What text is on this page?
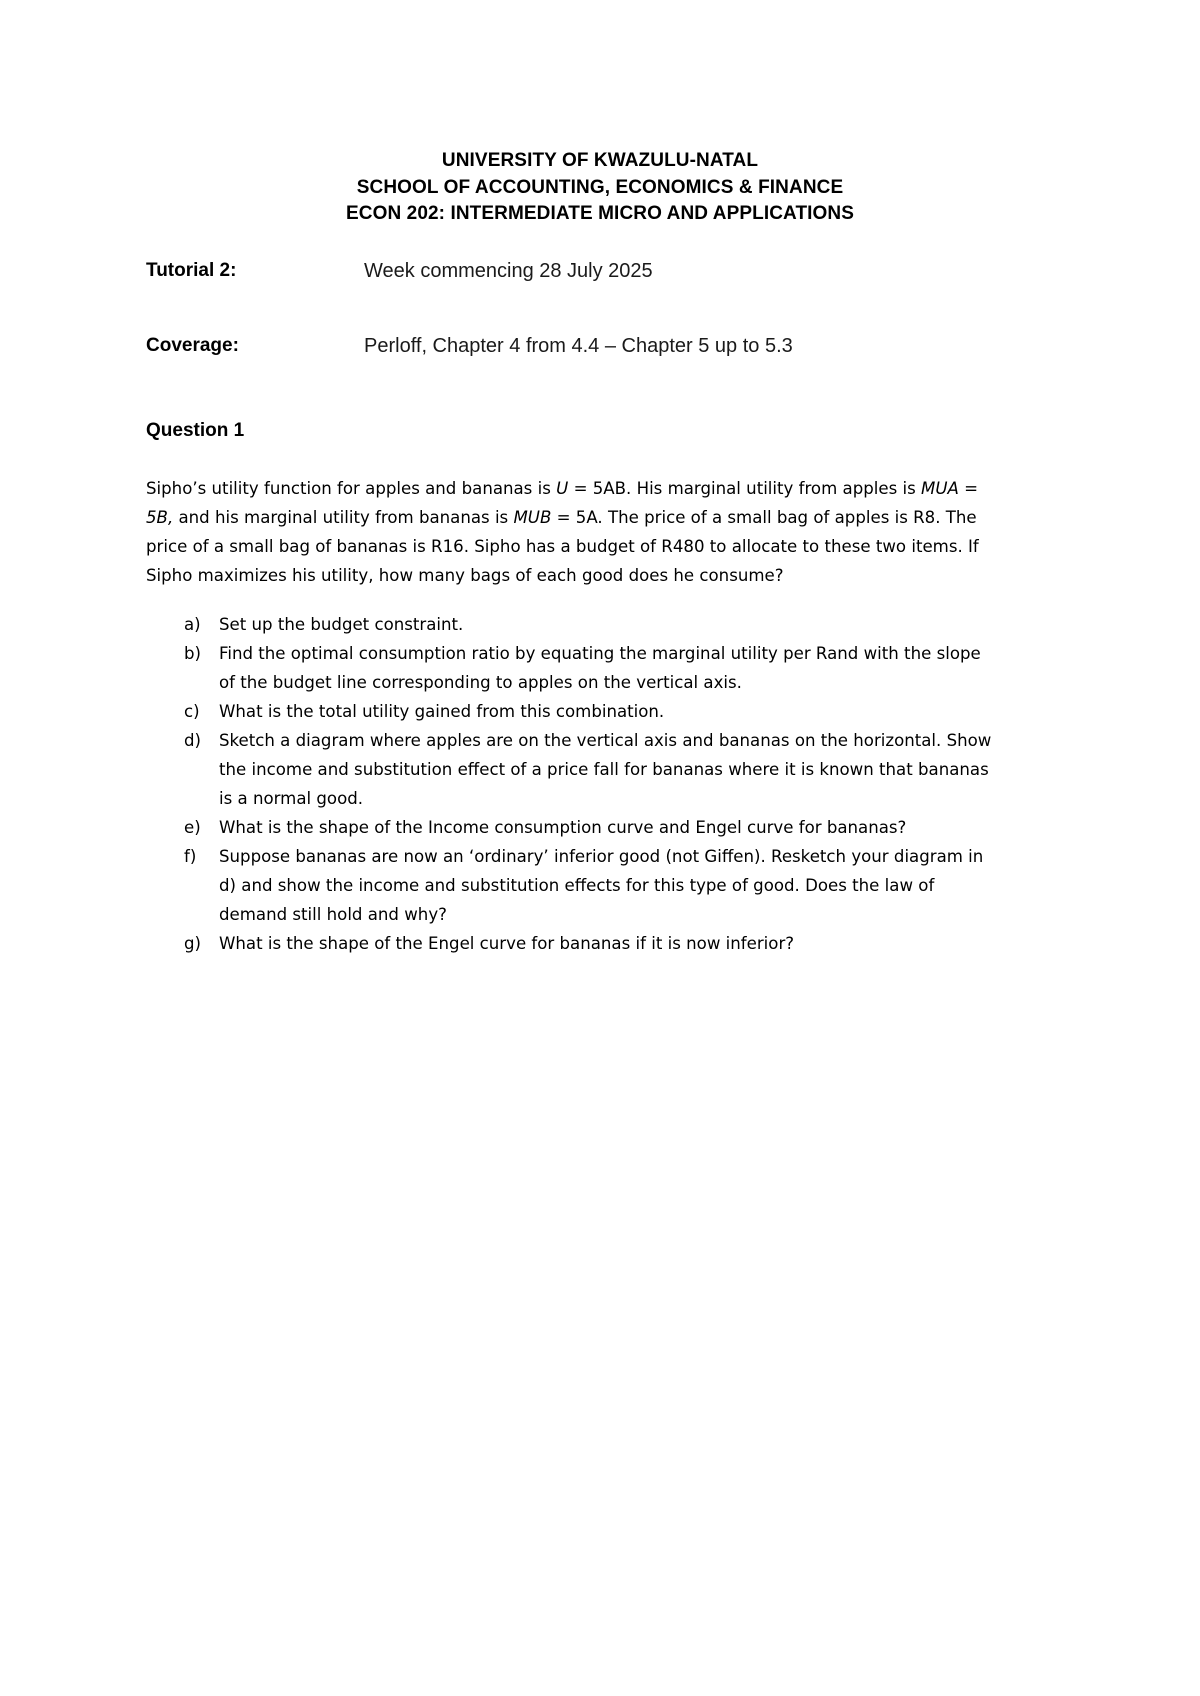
UNIVERSITY OF KWAZULU-NATAL
SCHOOL OF ACCOUNTING, ECONOMICS & FINANCE
ECON 202: INTERMEDIATE MICRO AND APPLICATIONS
Tutorial 2:	Week commencing 28 July 2025
Coverage:	Perloff, Chapter 4 from 4.4 – Chapter 5 up to 5.3
Question 1
Sipho’s utility function for apples and bananas is U = 5AB. His marginal utility from apples is MUA =
5B, and his marginal utility from bananas is MUB = 5A. The price of a small bag of apples is R8. The
price of a small bag of bananas is R16. Sipho has a budget of R480 to allocate to these two items. If
Sipho maximizes his utility, how many bags of each good does he consume?
a) Set up the budget constraint.
b) Find the optimal consumption ratio by equating the marginal utility per Rand with the slope
of the budget line corresponding to apples on the vertical axis.
c) What is the total utility gained from this combination.
d) Sketch a diagram where apples are on the vertical axis and bananas on the horizontal. Show
the income and substitution effect of a price fall for bananas where it is known that bananas
is a normal good.
e) What is the shape of the Income consumption curve and Engel curve for bananas?
f) Suppose bananas are now an ‘ordinary’ inferior good (not Giffen). Resketch your diagram in
d) and show the income and substitution effects for this type of good. Does the law of
demand still hold and why?
g) What is the shape of the Engel curve for bananas if it is now inferior?
